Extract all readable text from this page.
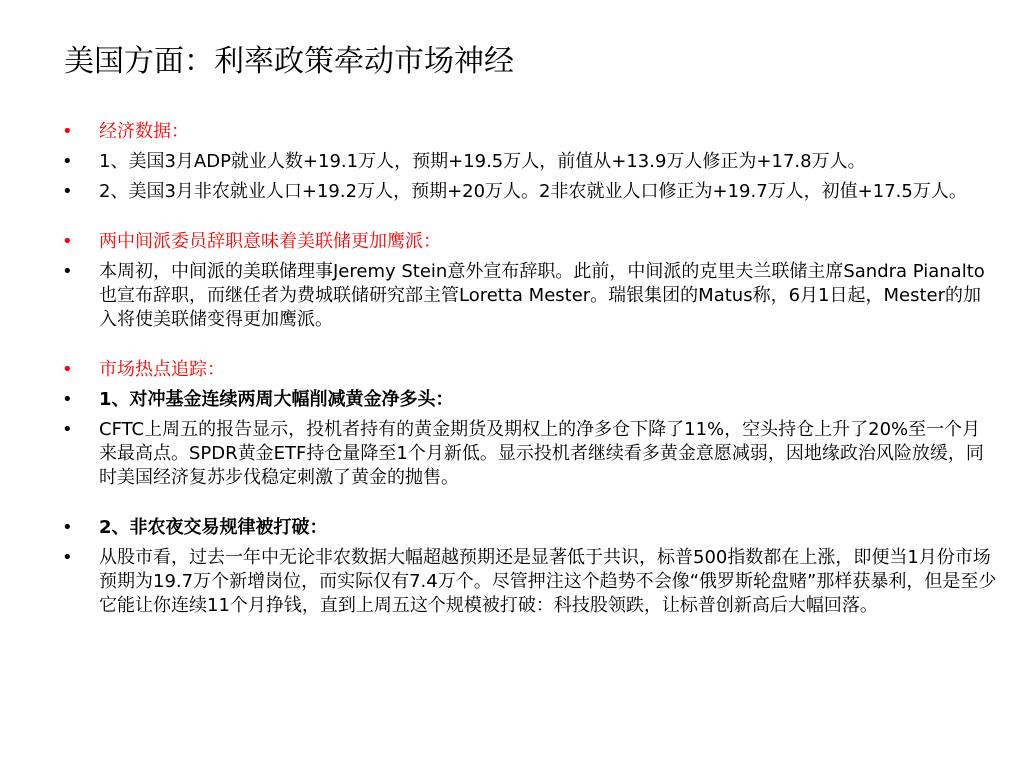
美国方面：利率政策牵动市场神经
•	经济数据：
•	1、美国3月ADP就业人数+19.1万人，预期+19.5万人，前值从+13.9万人修正为+17.8万人。
•	2、美国3月非农就业人口+19.2万人，预期+20万人。2非农就业人口修正为+19.7万人，初值+17.5万人。
•	两中间派委员辞职意味着美联储更加鹰派：
•	本周初，中间派的美联储理事Jeremy Stein意外宣布辞职。此前，中间派的克里夫兰联储主席Sandra Pianalto也宣布辞职，而继任者为费城联储研究部主管Loretta Mester。瑞银集团的Matus称，6月1日起，Mester的加入将使美联储变得更加鹰派。
•	市场热点追踪：
•	1、对冲基金连续两周大幅削减黄金净多头：
•	CFTC上周五的报告显示，投机者持有的黄金期货及期权上的净多仓下降了11%，空头持仓上升了20%至一个月来最高点。SPDR黄金ETF持仓量降至1个月新低。显示投机者继续看多黄金意愿减弱，因地缘政治风险放缓，同时美国经济复苏步伐稳定刺激了黄金的抛售。
•	2、非农夜交易规律被打破：
•	从股市看，过去一年中无论非农数据大幅超越预期还是显著低于共识，标普500指数都在上涨，即便当1月份市场预期为19.7万个新增岗位，而实际仅有7.4万个。尽管押注这个趋势不会像“俄罗斯轮盘赌”那样获暴利，但是至少它能让你连续11个月挣钱，直到上周五这个规模被打破：科技股领跌，让标普创新高后大幅回落。
